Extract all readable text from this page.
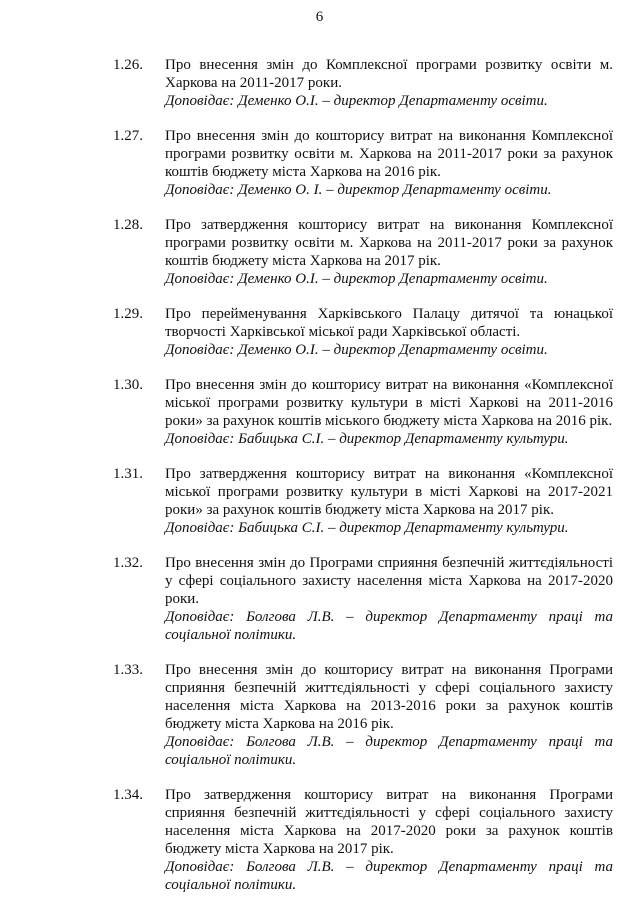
6
1.26. Про внесення змін до Комплексної програми розвитку освіти м. Харкова на 2011-2017 роки.
Доповідає: Деменко О.І. – директор Департаменту освіти.
1.27. Про внесення змін до кошторису витрат на виконання Комплексної програми розвитку освіти м. Харкова на 2011-2017 роки за рахунок коштів бюджету міста Харкова на 2016 рік.
Доповідає: Деменко О. І. – директор Департаменту освіти.
1.28. Про затвердження кошторису витрат на виконання Комплексної програми розвитку освіти м. Харкова на 2011-2017 роки за рахунок коштів бюджету міста Харкова на 2017 рік.
Доповідає: Деменко О.І. – директор Департаменту освіти.
1.29. Про перейменування Харківського Палацу дитячої та юнацької творчості Харківської міської ради Харківської області.
Доповідає: Деменко О.І. – директор Департаменту освіти.
1.30. Про внесення змін до кошторису витрат на виконання «Комплексної міської програми розвитку культури в місті Харкові на 2011-2016 роки» за рахунок коштів міського бюджету міста Харкова на 2016 рік.
Доповідає: Бабицька С.І. – директор Департаменту культури.
1.31. Про затвердження кошторису витрат на виконання «Комплексної міської програми розвитку культури в місті Харкові на 2017-2021 роки» за рахунок коштів бюджету міста Харкова на 2017 рік.
Доповідає: Бабицька С.І. – директор Департаменту культури.
1.32. Про внесення змін до Програми сприяння безпечній життєдіяльності у сфері соціального захисту населення міста Харкова на 2017-2020 роки.
Доповідає: Болгова Л.В. – директор Департаменту праці та соціальної політики.
1.33. Про внесення змін до кошторису витрат на виконання Програми сприяння безпечній життєдіяльності у сфері соціального захисту населення міста Харкова на 2013-2016 роки за рахунок коштів бюджету міста Харкова на 2016 рік.
Доповідає: Болгова Л.В. – директор Департаменту праці та соціальної політики.
1.34. Про затвердження кошторису витрат на виконання Програми сприяння безпечній життєдіяльності у сфері соціального захисту населення міста Харкова на 2017-2020 роки за рахунок коштів бюджету міста Харкова на 2017 рік.
Доповідає: Болгова Л.В. – директор Департаменту праці та соціальної політики.
